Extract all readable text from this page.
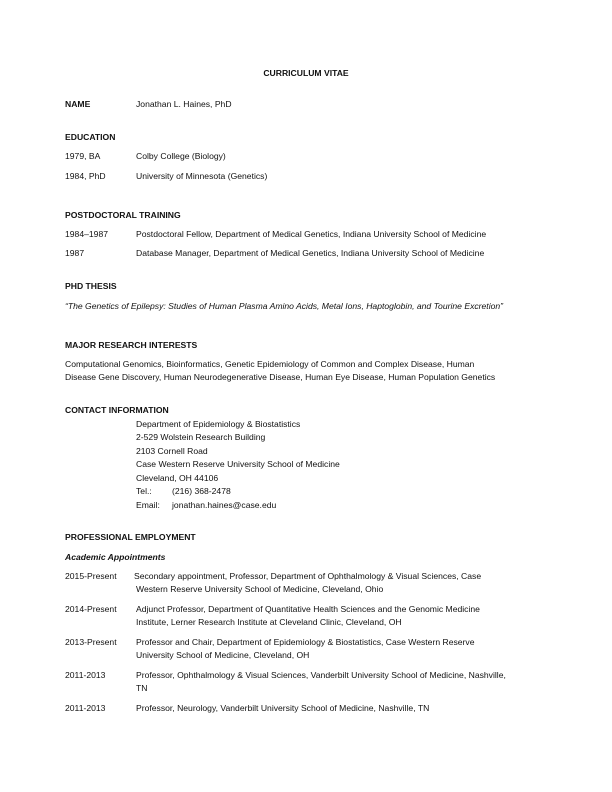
CURRICULUM VITAE
NAME	Jonathan L. Haines, PhD
EDUCATION
1979, BA	Colby College (Biology)
1984, PhD	University of Minnesota (Genetics)
POSTDOCTORAL TRAINING
1984–1987	Postdoctoral Fellow, Department of Medical Genetics, Indiana University School of Medicine
1987	Database Manager, Department of Medical Genetics, Indiana University School of Medicine
PHD THESIS
“The Genetics of Epilepsy: Studies of Human Plasma Amino Acids, Metal Ions, Haptoglobin, and Tourine Excretion”
MAJOR RESEARCH INTERESTS
Computational Genomics, Bioinformatics, Genetic Epidemiology of Common and Complex Disease, Human
Disease Gene Discovery, Human Neurodegenerative Disease, Human Eye Disease, Human Population Genetics
CONTACT INFORMATION
Department of Epidemiology & Biostatistics
2-529 Wolstein Research Building
2103 Cornell Road
Case Western Reserve University School of Medicine
Cleveland, OH 44106
Tel.: (216) 368-2478
Email: jonathan.haines@case.edu
PROFESSIONAL EMPLOYMENT
Academic Appointments
2015-Present Secondary appointment, Professor, Department of Ophthalmology & Visual Sciences, Case
Western Reserve University School of Medicine, Cleveland, Ohio
2014-Present Adjunct Professor, Department of Quantitative Health Sciences and the Genomic Medicine
Institute, Lerner Research Institute at Cleveland Clinic, Cleveland, OH
2013-Present Professor and Chair, Department of Epidemiology & Biostatistics, Case Western Reserve
University School of Medicine, Cleveland, OH
2011-2013	Professor, Ophthalmology & Visual Sciences, Vanderbilt University School of Medicine, Nashville,
TN
2011-2013	Professor, Neurology, Vanderbilt University School of Medicine, Nashville, TN
